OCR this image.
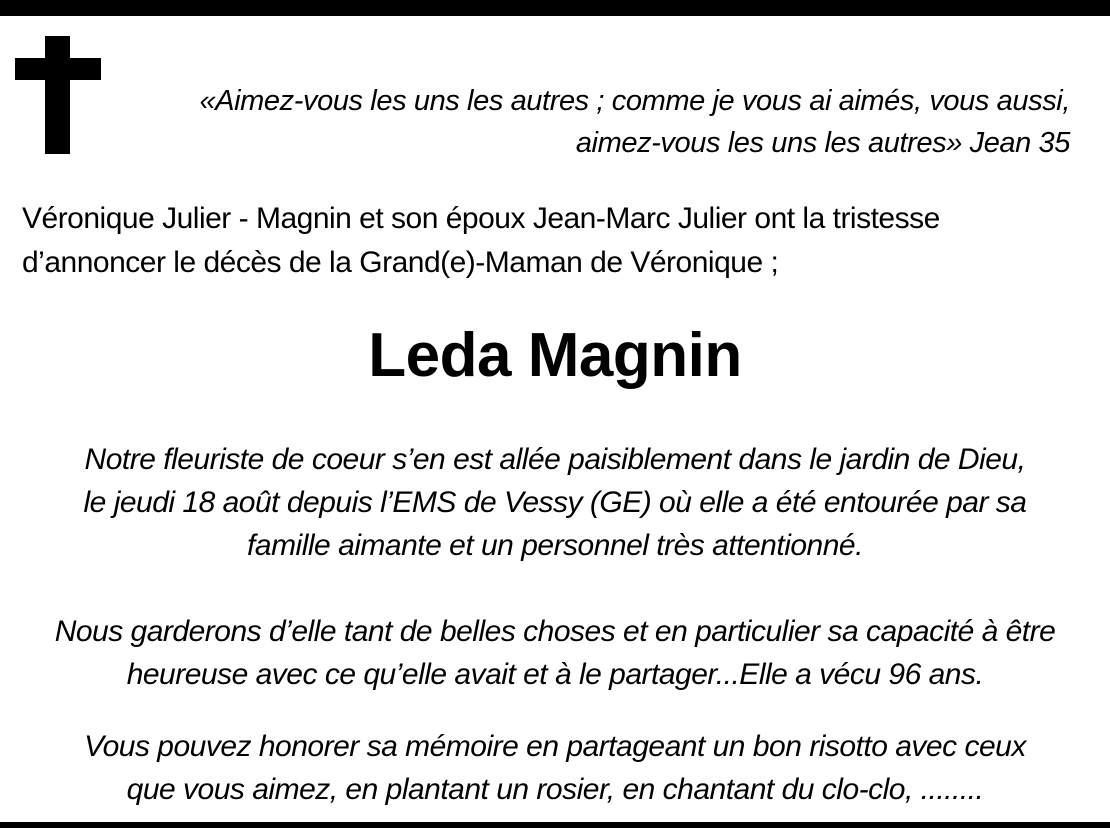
«Aimez-vous les uns les autres ; comme je vous ai aimés, vous aussi,
aimez-vous les uns les autres» Jean 35
Véronique Julier - Magnin et son époux Jean-Marc Julier ont la tristesse
d’annoncer le décès de la Grand(e)-Maman de Véronique ;
Leda Magnin
Notre fleuriste de coeur s’en est allée paisiblement dans le jardin de Dieu,
le jeudi 18 août depuis l’EMS de Vessy (GE) où elle a été entourée par sa
famille aimante et un personnel très attentionné.
Nous garderons d’elle tant de belles choses et en particulier sa capacité à être
heureuse avec ce qu’elle avait et à le partager...Elle a vécu 96 ans.
Vous pouvez honorer sa mémoire en partageant un bon risotto avec ceux
que vous aimez, en plantant un rosier, en chantant du clo-clo, ........
